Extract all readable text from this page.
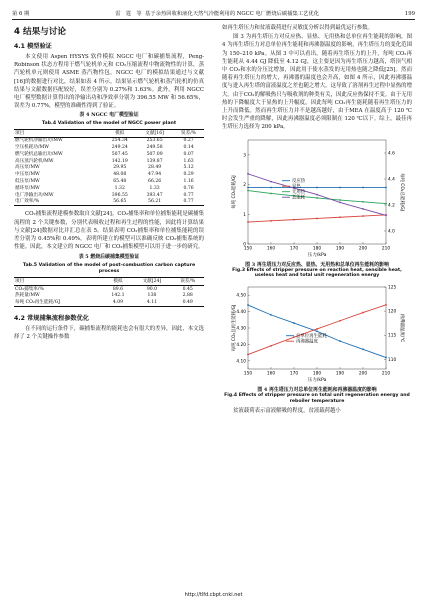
第 6 期	雷　霆　等 基于余热回收和液化天然气冷能利用的 NGCC 电厂燃烧后碳捕集工艺优化	199
4 结果与讨论
4.1 模型验证
本文使用 Aspen HYSYS 软件模拟 NGCC 电厂和碳捕集流程，Peng-Robinson 状态方程用于燃气轮机单元和 CO₂压缩流程中物流物性的计算，蒸汽轮机单元则使用 ASME 蒸汽物性包。NGCC 电厂的模拟结果通过与文献[16]的数据进行对比，结果如表 4 所示。结果显示燃气轮机和蒸汽轮机的仿真结果与文献数据匹配较好，误差分别为 0.27%和 1.63%。此外，利用 NGCC 电厂模型数据计算得出的净输出功和净效率分别为 396.55 MW 和 56.65%，误差为 0.77%，模型的准确性得到了验证。
表 4 NGCC 电厂模型验证
Tab.4 Validation of the model of NGCC power plant
项目	模拟	文献[16]	误差/%
燃气轮机净输出功/MW	254.34	253.65	0.27
空压机耗功/MW	249.24	249.58	0.14
燃气轮机总输出功/MW	507.45	507.09	0.07
高压蒸汽轮机/MW	142.19	139.87	1.63
高压泵/MW	29.95	28.49	5.12
中压泵/MW	48.08	47.94	0.29
低压泵/MW	65.48	66.26	1.16
循环泵/MW	1.32	1.33	0.76
电厂净输出功/MW	396.55	393.47	0.77
电厂效率/%	56.65	56.21	0.77
CO₂捕集流程建模参数取自文献[24]。CO₂捕集率和单位捕集能耗是碳捕集流程的 2 个关键参数，分别代表吸收过程和再生过程的性能，因此将计算结果与文献[24]数据对比并汇总在表 5。结果表明 CO₂捕集率和单位捕集能耗的误差分别为 0.45%和 0.49%，表明所建立的模型可以准确反映 CO₂捕集系统的性能。因此，本文建立的 NGCC 电厂和 CO₂捕集模型可以用于进一步的研究。
表 5 燃烧后碳捕集模型验证
Tab.5 Validation of the model of post-combustion carbon capture process
项目	模拟	文献[24]	误差/%
CO₂捕集率/%	89.6	90.0	0.45
热耗量/MW	142.1	138	2.88
每吨 CO₂再生能耗/GJ	4.09	4.11	0.49
4.2 常规捕集流程参数优化
在不同的运行条件下，碳捕集流程的能耗也会有很大的差异，因此，本文选择了 2 个关键操作参数
如再生塔压力和贫液载荷进行灵敏度分析以得到最优运行参数。
图 3 为再生塔压力对反应热、显热、无用热和总单位再生能耗的影响，图 4 为再生塔压力对总单位再生能耗和再沸器温度的影响，再生塔压力的变化范围为 150–210 kPa。从图 3 中可以看出，随着再生塔压力的上升，每吨 CO₂再生能耗从 4.44 GJ 降低至 4.12 GJ，这主要是因为再生塔压力越高，塔顶气相中 CO₂和水的分压比增加，因此用于使水蒸发的无用热也随之降低[25]。然而随着再生塔压力的增大，再沸器的温度也会升高，如图 4 所示，因此再沸器温度与进入再生塔的富液温度之差也随之增大，这导致了溶剂再生过程中显热的增大。由于CO₂的解吸热只与吸收剂的种类有关，因此反应热保持不变。由于无用热的下降幅度大于显热的上升幅度，因此每吨 CO₂再生能耗随着再生塔压力的上升而降低。然而再生塔压力并不是越高越好，由于MEA 在温度高于 120 ℃时会发生严重的降解，因此再沸器温度必须限制在 120 ℃以下。综上，最佳再生塔压力选择为 200 kPa。
150	160	170	180	190	200	210
0
1
2
3
4.0
4.2
4.4
4.6
压力/kPa
每吨 CO₂能耗/GJ	每吨 CO₂总能耗/GJ
反应热
显热
无用热
总能耗
图 3 再生塔压力对反应热、显热、无用热和总单位再生能耗的影响
Fig.3 Effects of stripper pressure on reaction heat, sensible heat, useless heat and total unit regeneration energy
150	160	170	180	190	200	210
4.10
4.20
4.30
4.40
4.50
110
115
120
125
压力/kPa
每吨 CO₂总再生能耗/GJ	再沸器温度/℃
总单位再生能耗
再沸器温度
图 4 再生塔压力对总单位再生能耗和再沸器温度的影响
Fig.4 Effects of stripper pressure on total unit regeneration energy and reboiler temperature
贫液载荷表示富液解吸的程度，贫液载荷越小
http://tlfd.cbpt.cnki.net
